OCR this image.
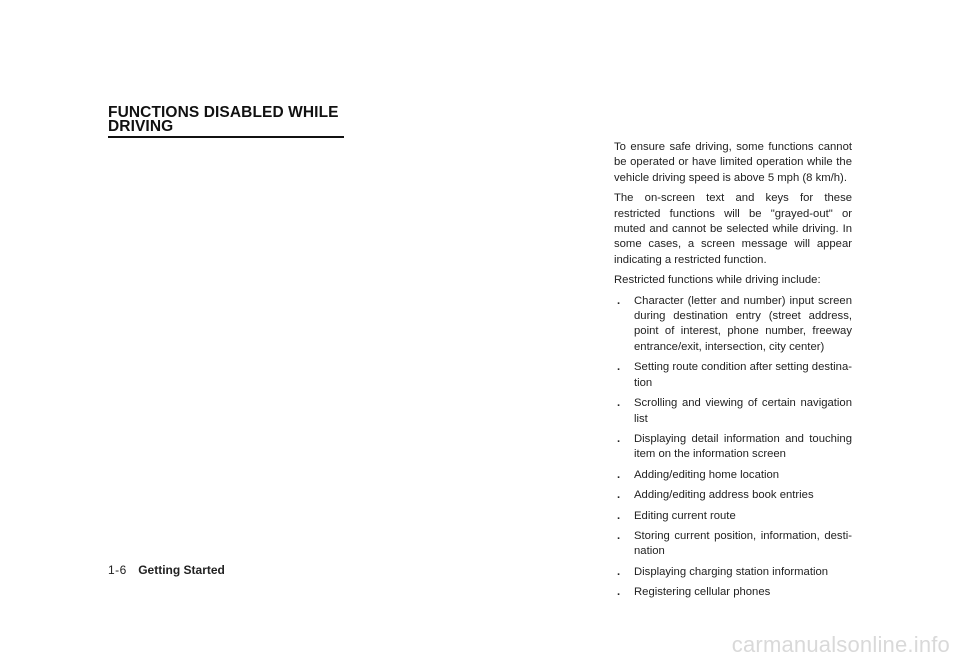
FUNCTIONS DISABLED WHILE
DRIVING

To ensure safe driving, some functions cannot be operated or have limited operation while the vehicle driving speed is above 5 mph (8 km/h).

The on-screen text and keys for these restricted functions will be "grayed-out" or muted and cannot be selected while driving. In some cases, a screen message will appear indicating a restricted function.

Restricted functions while driving include:

. Character (letter and number) input screen during destination entry (street address, point of interest, phone number, freeway entrance/exit, intersection, city center)
. Setting route condition after setting destina-tion
. Scrolling and viewing of certain navigation list
. Displaying detail information and touching item on the information screen
. Adding/editing home location
. Adding/editing address book entries
. Editing current route
. Storing current position, information, desti-nation
. Displaying charging station information
. Registering cellular phones
1-6 Getting Started
carmanualsonline.info
